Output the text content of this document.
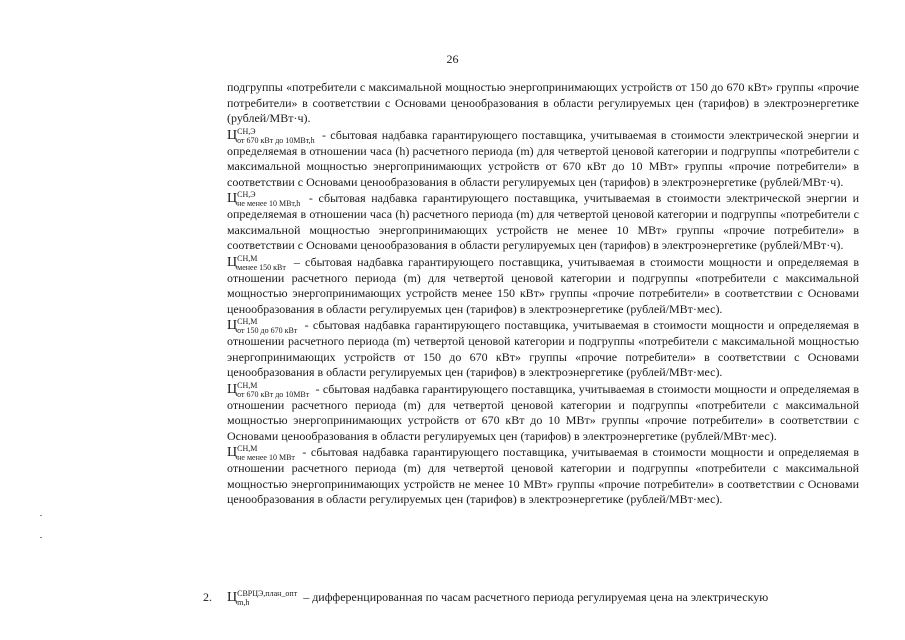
26

подгруппы «потребители с максимальной мощностью энергопринимающих устройств от 150 до 670 кВт» группы «прочие потребители» в соответствии с Основами ценообразования в области регулируемых цен (тарифов) в электроэнергетике (рублей/МВт·ч).

Ц СН,Э
от 670 кВт до 10МВт,h - сбытовая надбавка гарантирующего поставщика, учитываемая в стоимости электрической энергии и определяемая в отношении часа (h) расчетного периода (m) для четвертой ценовой категории и подгруппы «потребители с максимальной мощностью энергопринимающих устройств от 670 кВт до 10 МВт» группы «прочие потребители» в соответствии с Основами ценообразования в области регулируемых цен (тарифов) в электроэнергетике (рублей/МВт·ч).

Ц СН,Э
не менее 10 МВт,h - сбытовая надбавка гарантирующего поставщика, учитываемая в стоимости электрической энергии и определяемая в отношении часа (h) расчетного периода (m) для четвертой ценовой категории и подгруппы «потребители с максимальной мощностью энергопринимающих устройств не менее 10 МВт» группы «прочие потребители» в соответствии с Основами ценообразования в области регулируемых цен (тарифов) в электроэнергетике (рублей/МВт·ч).

Ц СН,М
менее 150 кВт – сбытовая надбавка гарантирующего поставщика, учитываемая в стоимости мощности и определяемая в отношении расчетного периода (m) для четвертой ценовой категории и подгруппы «потребители с максимальной мощностью энергопринимающих устройств менее 150 кВт» группы «прочие потребители» в соответствии с Основами ценообразования в области регулируемых цен (тарифов) в электроэнергетике (рублей/МВт·мес).

Ц СН,М
от 150 до 670 кВт - сбытовая надбавка гарантирующего поставщика, учитываемая в стоимости мощности и определяемая в отношении расчетного периода (m) четвертой ценовой категории и подгруппы «потребители с максимальной мощностью энергопринимающих устройств от 150 до 670 кВт» группы «прочие потребители» в соответствии с Основами ценообразования в области регулируемых цен (тарифов) в электроэнергетике (рублей/МВт·мес).

Ц СН,М
от 670 кВт до 10МВт - сбытовая надбавка гарантирующего поставщика, учитываемая в стоимости мощности и определяемая в отношении расчетного периода (m) для четвертой ценовой категории и подгруппы «потребители с максимальной мощностью энергопринимающих устройств от 670 кВт до 10 МВт» группы «прочие потребители» в соответствии с Основами ценообразования в области регулируемых цен (тарифов) в электроэнергетике (рублей/МВт·мес).

Ц СН,М
не менее 10 МВт - сбытовая надбавка гарантирующего поставщика, учитываемая в стоимости мощности и определяемая в отношении расчетного периода (m) для четвертой ценовой категории и подгруппы «потребители с максимальной мощностью энергопринимающих устройств не менее 10 МВт» группы «прочие потребители» в соответствии с Основами ценообразования в области регулируемых цен (тарифов) в электроэнергетике (рублей/МВт·мес).

2. Ц СВРЦЭ,план_опт
m,h	– дифференцированная по часам расчетного периода регулируемая цена на электрическую
